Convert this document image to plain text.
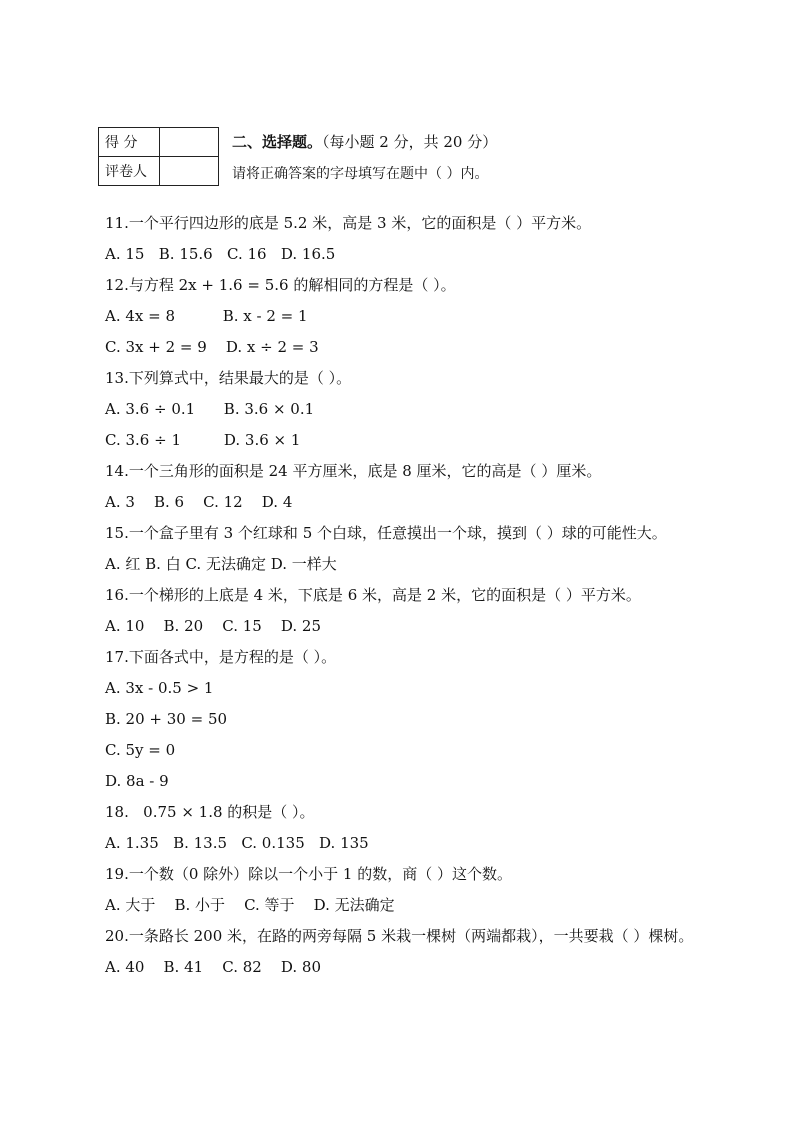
得 分	
评卷人	
二、选择题。（每小题 2 分，共 20 分）
请将正确答案的字母填写在题中（ ）内。
11.一个平行四边形的底是 5.2 米，高是 3 米，它的面积是（ ）平方米。
A. 15   B. 15.6   C. 16   D. 16.5
12.与方程 2x + 1.6 = 5.6 的解相同的方程是（ ）。
A. 4x = 8          B. x - 2 = 1
C. 3x + 2 = 9    D. x ÷ 2 = 3
13.下列算式中，结果最大的是（ ）。
A. 3.6 ÷ 0.1      B. 3.6 × 0.1
C. 3.6 ÷ 1         D. 3.6 × 1
14.一个三角形的面积是 24 平方厘米，底是 8 厘米，它的高是（ ）厘米。
A. 3    B. 6    C. 12    D. 4
15.一个盒子里有 3 个红球和 5 个白球，任意摸出一个球，摸到（ ）球的可能性大。
A. 红 B. 白 C. 无法确定 D. 一样大
16.一个梯形的上底是 4 米，下底是 6 米，高是 2 米，它的面积是（ ）平方米。
A. 10    B. 20    C. 15    D. 25
17.下面各式中，是方程的是（ ）。
A. 3x - 0.5 > 1
B. 20 + 30 = 50
C. 5y = 0
D. 8a - 9
18.   0.75 × 1.8 的积是（ ）。
A. 1.35   B. 13.5   C. 0.135   D. 135
19.一个数（0 除外）除以一个小于 1 的数，商（ ）这个数。
A. 大于    B. 小于    C. 等于    D. 无法确定
20.一条路长 200 米，在路的两旁每隔 5 米栽一棵树（两端都栽），一共要栽（ ）棵树。
A. 40    B. 41    C. 82    D. 80
